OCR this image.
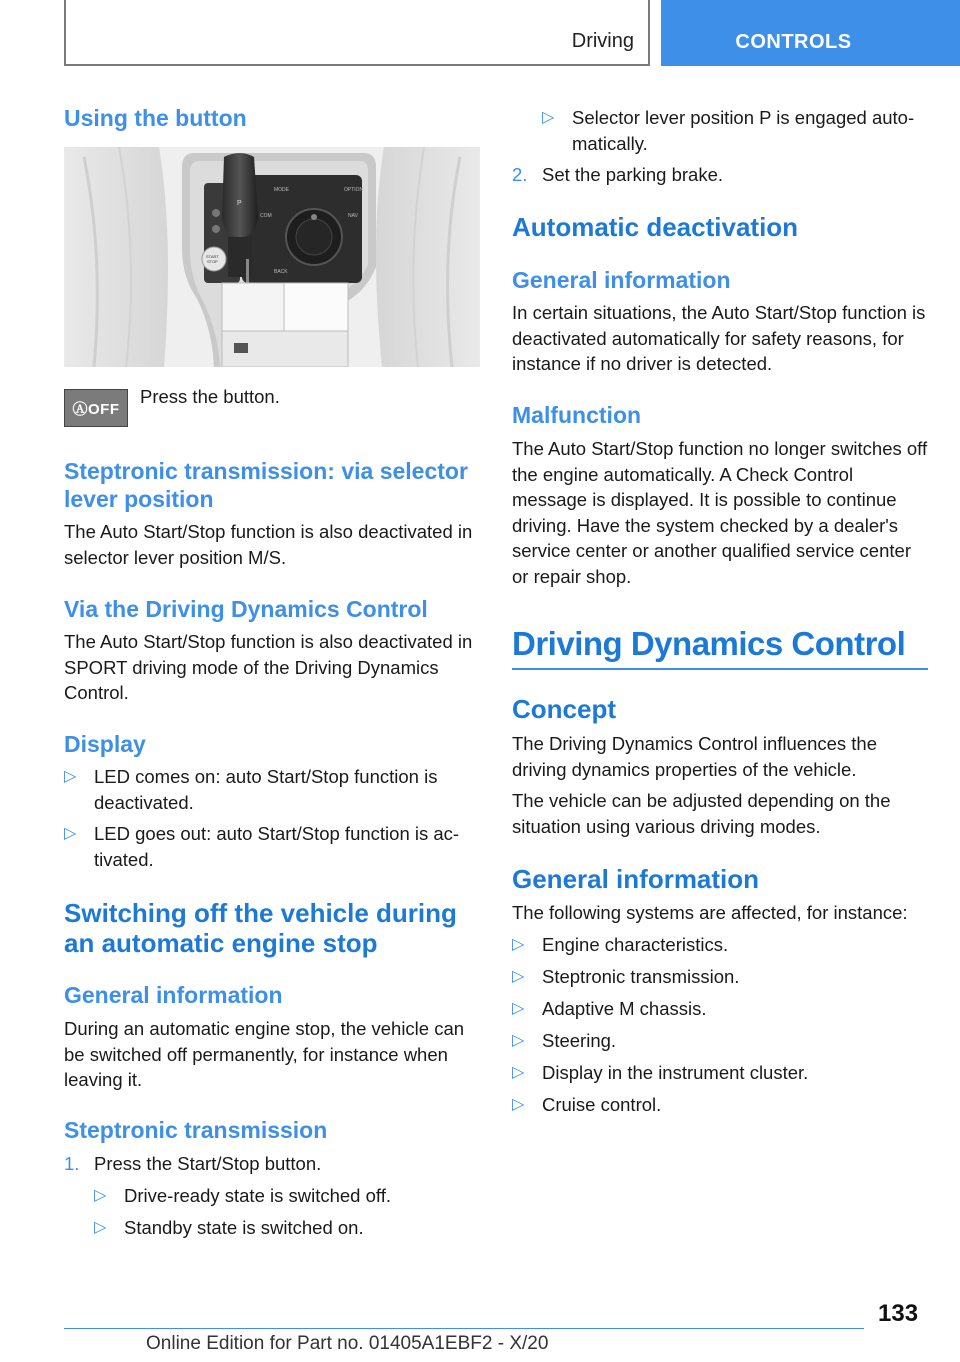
Driving	CONTROLS
Using the button
MODE	OPTION
COM	NAV
BACK
START
STOP
P
ⒶOFF
Press the button.
Steptronic transmission: via selector lever position
The Auto Start/Stop function is also deactivated in selector lever position M/S.
Via the Driving Dynamics Control
The Auto Start/Stop function is also deactivated in SPORT driving mode of the Driving Dynamics Control.
Display
▷ LED comes on: auto Start/Stop function is deactivated.
▷ LED goes out: auto Start/Stop function is ac-tivated.
Switching off the vehicle during an automatic engine stop
General information
During an automatic engine stop, the vehicle can be switched off permanently, for instance when leaving it.
Steptronic transmission
1. Press the Start/Stop button.
▷ Drive-ready state is switched off.
▷ Standby state is switched on.
▷ Selector lever position P is engaged auto-matically.
2. Set the parking brake.
Automatic deactivation
General information
In certain situations, the Auto Start/Stop function is deactivated automatically for safety reasons, for instance if no driver is detected.
Malfunction
The Auto Start/Stop function no longer switches off the engine automatically. A Check Control message is displayed. It is possible to continue driving. Have the system checked by a dealer's service center or another qualified service center or repair shop.
Driving Dynamics Control
Concept
The Driving Dynamics Control influences the driving dynamics properties of the vehicle.
The vehicle can be adjusted depending on the situation using various driving modes.
General information
The following systems are affected, for instance:
▷ Engine characteristics.
▷ Steptronic transmission.
▷ Adaptive M chassis.
▷ Steering.
▷ Display in the instrument cluster.
▷ Cruise control.
133
Online Edition for Part no. 01405A1EBF2 - X/20
